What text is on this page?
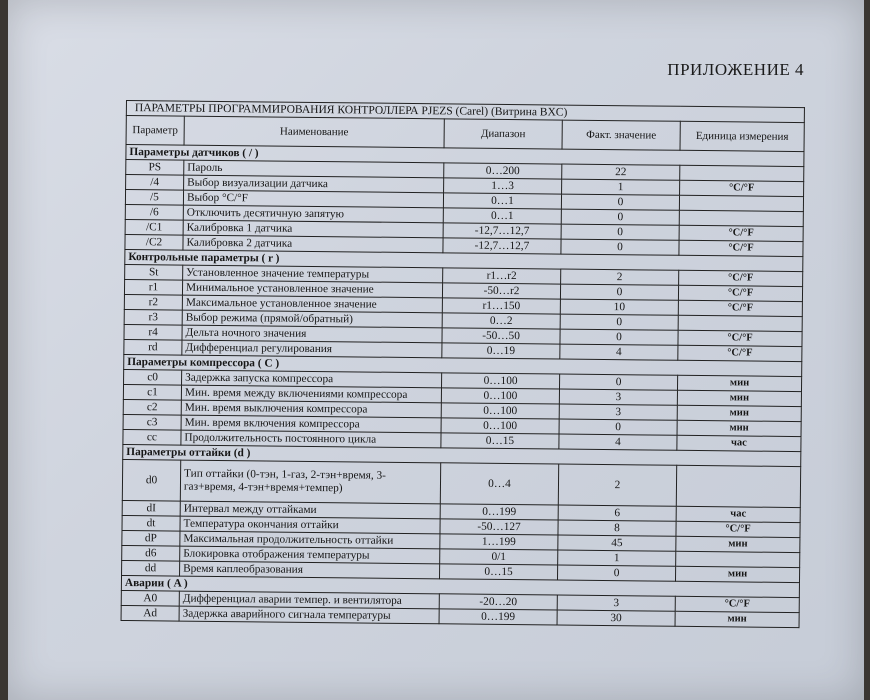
ПРИЛОЖЕНИЕ 4
ПАРАМЕТРЫ ПРОГРАММИРОВАНИЯ КОНТРОЛЛЕРА PJEZS (Carel) (Витрина BXC)				
Параметр	Наименование	Диапазон	Факт. значение	Единица измерения
Параметры датчиков ( / )				
PS	Пароль	0…200	22	
/4	Выбор визуализации датчика	1…3	1	°C/°F
/5	Выбор °C/°F	0…1	0	
/6	Отключить десятичную запятую	0…1	0	
/C1	Калибровка 1 датчика	-12,7…12,7	0	°C/°F
/C2	Калибровка 2 датчика	-12,7…12,7	0	°C/°F
Контрольные параметры ( r )				
St	Установленное значение температуры	r1…r2	2	°C/°F
r1	Минимальное установленное значение	-50…r2	0	°C/°F
r2	Максимальное установленное значение	r1…150	10	°C/°F
r3	Выбор режима (прямой/обратный)	0…2	0	
r4	Дельта ночного значения	-50…50	0	°C/°F
rd	Дифференциал регулирования	0…19	4	°C/°F
Параметры компрессора ( C )				
c0	Задержка запуска компрессора	0…100	0	мин
c1	Мин. время между включениями компрессора	0…100	3	мин
c2	Мин. время выключения компрессора	0…100	3	мин
c3	Мин. время включения компрессора	0…100	0	мин
cc	Продолжительность постоянного цикла	0…15	4	час
Параметры оттайки (d )				
d0	Тип оттайки (0-тэн, 1-газ, 2-тэн+время, 3-газ+время, 4-тэн+время+темпер)	0…4	2	
dI	Интервал между оттайками	0…199	6	час
dt	Температура окончания оттайки	-50…127	8	°C/°F
dP	Максимальная продолжительность оттайки	1…199	45	мин
d6	Блокировка отображения температуры	0/1	1	
dd	Время каплеобразования	0…15	0	мин
Аварии ( A )				
A0	Дифференциал аварии темпер. и вентилятора	-20…20	3	°C/°F
Ad	Задержка аварийного сигнала температуры	0…199	30	мин
